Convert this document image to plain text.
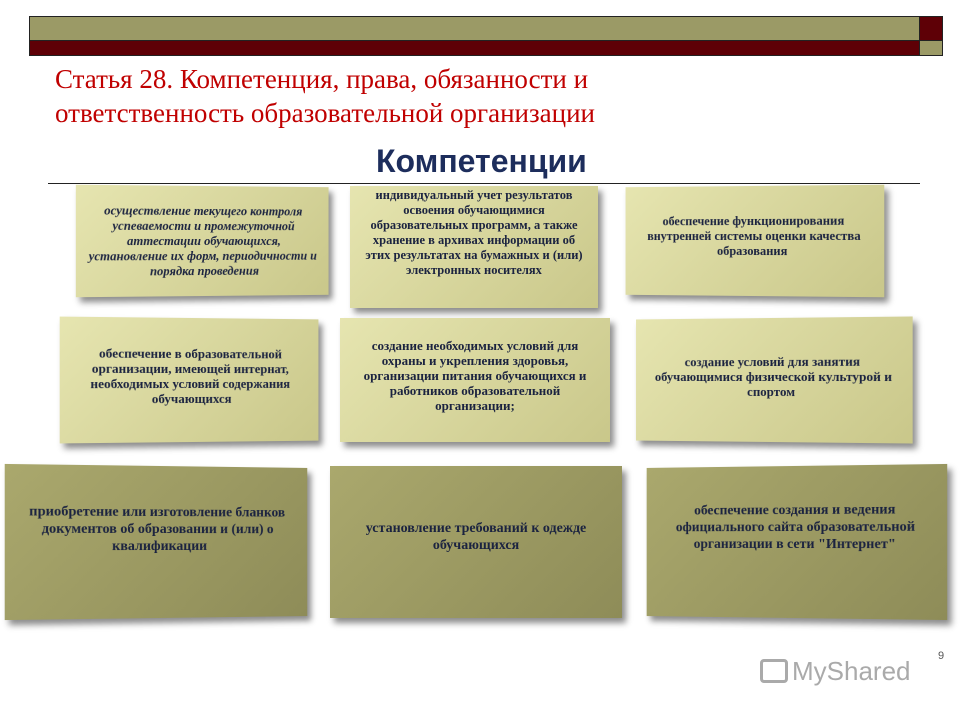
Статья 28. Компетенция, права, обязанности и ответственность образовательной организации
Компетенции
осуществление текущего контроля успеваемости и промежуточной аттестации обучающихся, установление их форм, периодичности и порядка проведения
индивидуальный учет результатов освоения обучающимися образовательных программ, а также хранение в архивах информации об этих результатах на бумажных и (или) электронных носителях
обеспечение функционирования внутренней системы оценки качества образования
обеспечение в образовательной организации, имеющей интернат, необходимых условий содержания обучающихся
создание необходимых условий для охраны и укрепления здоровья, организации питания обучающихся и работников образовательной организации;
создание условий для занятия обучающимися физической культурой и спортом
приобретение или изготовление бланков документов об образовании и (или) о квалификации
установление требований к одежде обучающихся
обеспечение создания и ведения официального сайта образовательной организации в сети "Интернет"
MyShared	9
